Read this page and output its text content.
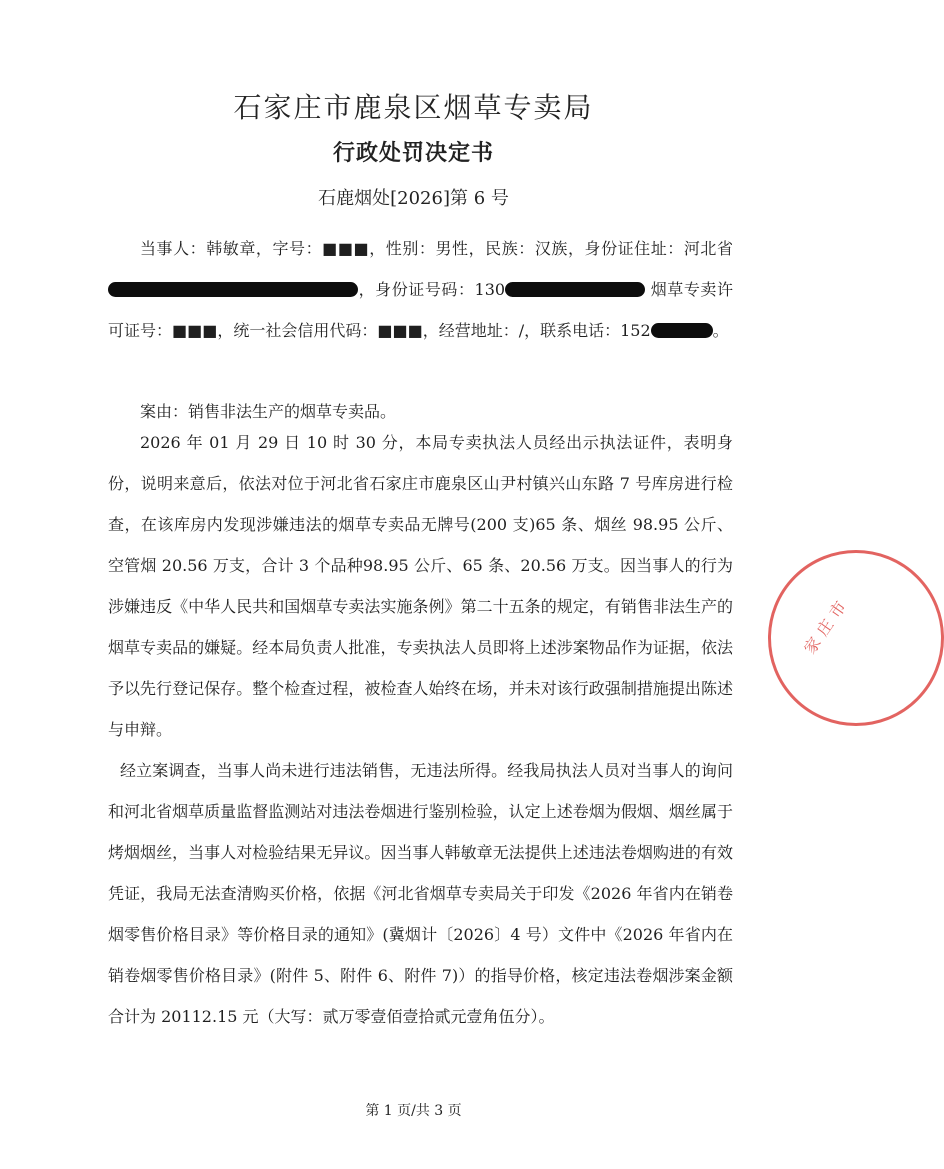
石家庄市鹿泉区烟草专卖局
行政处罚决定书
石鹿烟处[2026]第 6 号
当事人：韩敏章，字号：■■■，性别：男性，民族：汉族，身份证住址：河北省，身份证号码：130	烟草专卖许可证号：■■■，统一社会信用代码：■■■，经营地址：/，联系电话：152	。
案由：销售非法生产的烟草专卖品。
2026 年 01 月 29 日 10 时 30 分，本局专卖执法人员经出示执法证件，表明身份，说明来意后，依法对位于河北省石家庄市鹿泉区山尹村镇兴山东路 7 号库房进行检查，在该库房内发现涉嫌违法的烟草专卖品无牌号(200 支)65 条、烟丝 98.95 公斤、空管烟 20.56 万支，合计 3 个品种98.95 公斤、65 条、20.56 万支。因当事人的行为涉嫌违反《中华人民共和国烟草专卖法实施条例》第二十五条的规定，有销售非法生产的烟草专卖品的嫌疑。经本局负责人批准，专卖执法人员即将上述涉案物品作为证据，依法予以先行登记保存。整个检查过程，被检查人始终在场，并未对该行政强制措施提出陈述与申辩。
经立案调查，当事人尚未进行违法销售，无违法所得。经我局执法人员对当事人的询问和河北省烟草质量监督监测站对违法卷烟进行鉴别检验，认定上述卷烟为假烟、烟丝属于烤烟烟丝，当事人对检验结果无异议。因当事人韩敏章无法提供上述违法卷烟购进的有效凭证，我局无法查清购买价格，依据《河北省烟草专卖局关于印发《2026 年省内在销卷烟零售价格目录》等价格目录的通知》(冀烟计〔2026〕4 号）文件中《2026 年省内在销卷烟零售价格目录》(附件 5、附件 6、附件 7)）的指导价格，核定违法卷烟涉案金额合计为 20112.15 元（大写：贰万零壹佰壹拾贰元壹角伍分）。
第 1 页/共 3 页
家庄市
